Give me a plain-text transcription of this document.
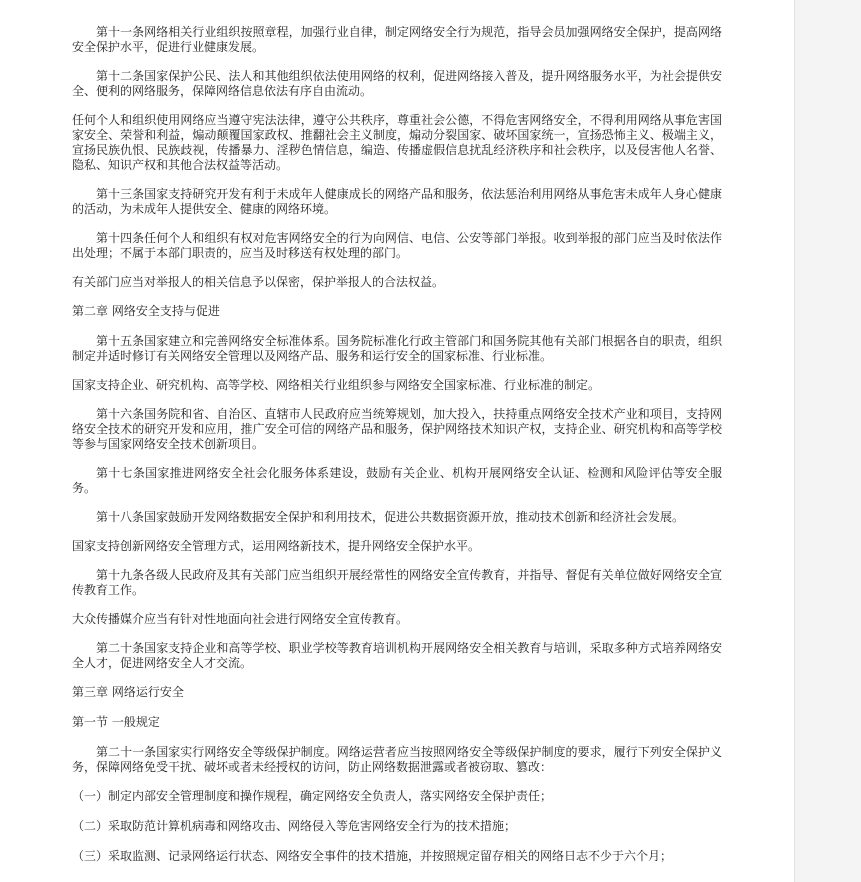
第十一条网络相关行业组织按照章程，加强行业自律，制定网络安全行为规范，指导会员加强网络安全保护，提高网络安全保护水平，促进行业健康发展。

第十二条国家保护公民、法人和其他组织依法使用网络的权利，促进网络接入普及，提升网络服务水平，为社会提供安全、便利的网络服务，保障网络信息依法有序自由流动。

任何个人和组织使用网络应当遵守宪法法律，遵守公共秩序，尊重社会公德，不得危害网络安全，不得利用网络从事危害国家安全、荣誉和利益，煽动颠覆国家政权、推翻社会主义制度，煽动分裂国家、破坏国家统一，宣扬恐怖主义、极端主义，宣扬民族仇恨、民族歧视，传播暴力、淫秽色情信息，编造、传播虚假信息扰乱经济秩序和社会秩序，以及侵害他人名誉、隐私、知识产权和其他合法权益等活动。

第十三条国家支持研究开发有利于未成年人健康成长的网络产品和服务，依法惩治利用网络从事危害未成年人身心健康的活动，为未成年人提供安全、健康的网络环境。

第十四条任何个人和组织有权对危害网络安全的行为向网信、电信、公安等部门举报。收到举报的部门应当及时依法作出处理；不属于本部门职责的，应当及时移送有权处理的部门。

有关部门应当对举报人的相关信息予以保密，保护举报人的合法权益。

第二章 网络安全支持与促进

第十五条国家建立和完善网络安全标准体系。国务院标准化行政主管部门和国务院其他有关部门根据各自的职责，组织制定并适时修订有关网络安全管理以及网络产品、服务和运行安全的国家标准、行业标准。

国家支持企业、研究机构、高等学校、网络相关行业组织参与网络安全国家标准、行业标准的制定。

第十六条国务院和省、自治区、直辖市人民政府应当统筹规划，加大投入，扶持重点网络安全技术产业和项目，支持网络安全技术的研究开发和应用，推广安全可信的网络产品和服务，保护网络技术知识产权，支持企业、研究机构和高等学校等参与国家网络安全技术创新项目。

第十七条国家推进网络安全社会化服务体系建设，鼓励有关企业、机构开展网络安全认证、检测和风险评估等安全服务。

第十八条国家鼓励开发网络数据安全保护和利用技术，促进公共数据资源开放，推动技术创新和经济社会发展。

国家支持创新网络安全管理方式，运用网络新技术，提升网络安全保护水平。

第十九条各级人民政府及其有关部门应当组织开展经常性的网络安全宣传教育，并指导、督促有关单位做好网络安全宣传教育工作。

大众传播媒介应当有针对性地面向社会进行网络安全宣传教育。

第二十条国家支持企业和高等学校、职业学校等教育培训机构开展网络安全相关教育与培训，采取多种方式培养网络安全人才，促进网络安全人才交流。

第三章 网络运行安全

第一节 一般规定

第二十一条国家实行网络安全等级保护制度。网络运营者应当按照网络安全等级保护制度的要求，履行下列安全保护义务，保障网络免受干扰、破坏或者未经授权的访问，防止网络数据泄露或者被窃取、篡改：

（一）制定内部安全管理制度和操作规程，确定网络安全负责人，落实网络安全保护责任；

（二）采取防范计算机病毒和网络攻击、网络侵入等危害网络安全行为的技术措施；

（三）采取监测、记录网络运行状态、网络安全事件的技术措施，并按照规定留存相关的网络日志不少于六个月；
